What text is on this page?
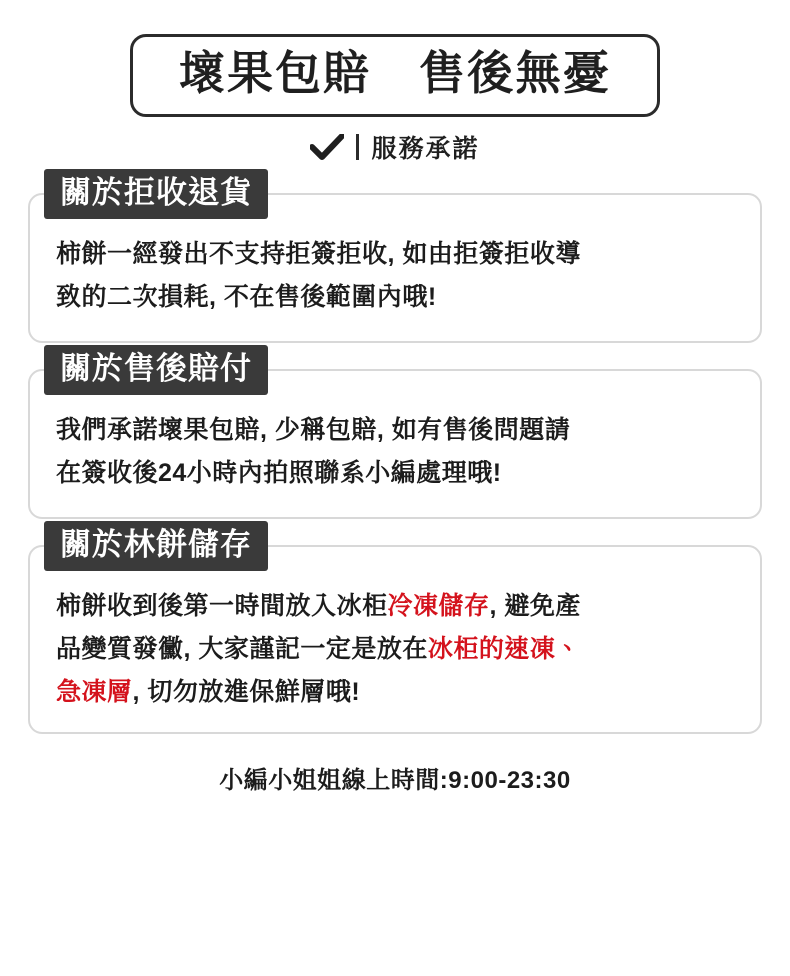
壞果包賠　售後無憂
服務承諾
關於拒收退貨
柿餅一經發出不支持拒簽拒收, 如由拒簽拒收導
致的二次損耗, 不在售後範圍內哦!
關於售後賠付
我們承諾壞果包賠, 少稱包賠, 如有售後問題請
在簽收後24小時內拍照聯系小編處理哦!
關於林餅儲存
柿餅收到後第一時間放入冰柜冷凍儲存, 避免產
品變質發黴, 大家謹記一定是放在冰柜的速凍、
急凍層, 切勿放進保鮮層哦!
小編小姐姐線上時間:9:00-23:30
